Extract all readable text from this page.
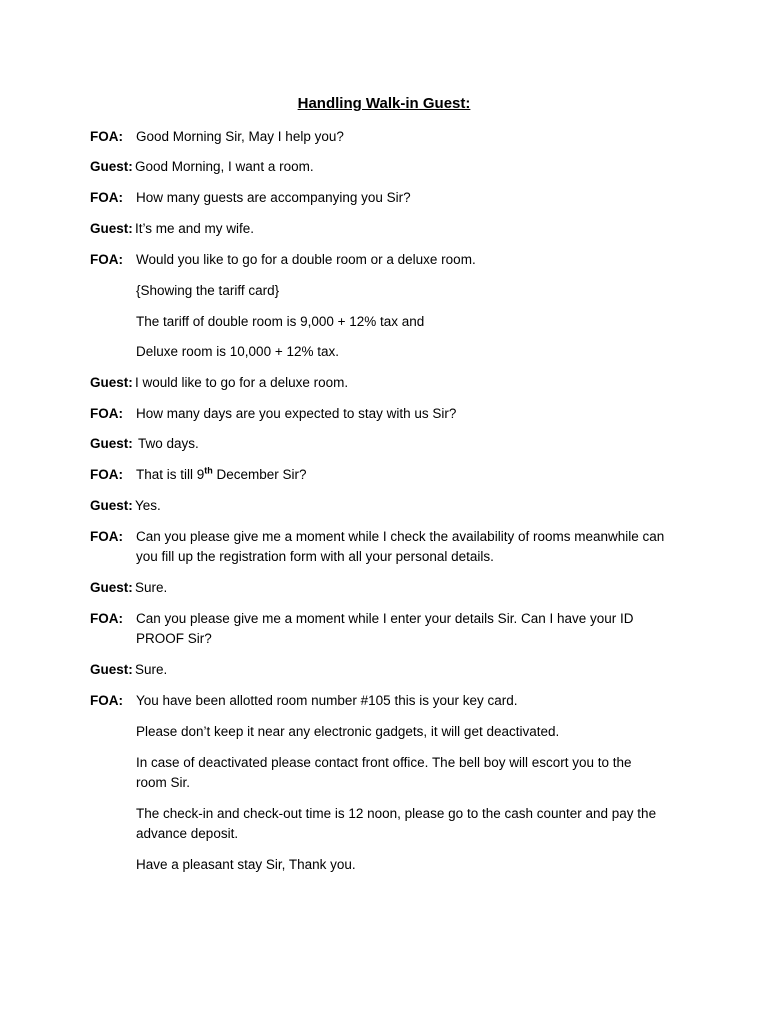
Handling Walk-in Guest:
FOA: Good Morning Sir, May I help you?
Guest: Good Morning, I want a room.
FOA: How many guests are accompanying you Sir?
Guest: It’s me and my wife.
FOA: Would you like to go for a double room or a deluxe room.
{Showing the tariff card}
The tariff of double room is 9,000 + 12% tax and
Deluxe room is 10,000 + 12% tax.
Guest: I would like to go for a deluxe room.
FOA: How many days are you expected to stay with us Sir?
Guest: Two days.
FOA: That is till 9th December Sir?
Guest: Yes.
FOA: Can you please give me a moment while I check the availability of rooms meanwhile can
you fill up the registration form with all your personal details.
Guest: Sure.
FOA: Can you please give me a moment while I enter your details Sir. Can I have your ID
PROOF Sir?
Guest: Sure.
FOA: You have been allotted room number #105 this is your key card.
Please don’t keep it near any electronic gadgets, it will get deactivated.
In case of deactivated please contact front office. The bell boy will escort you to the
room Sir.
The check-in and check-out time is 12 noon, please go to the cash counter and pay the
advance deposit.
Have a pleasant stay Sir, Thank you.
